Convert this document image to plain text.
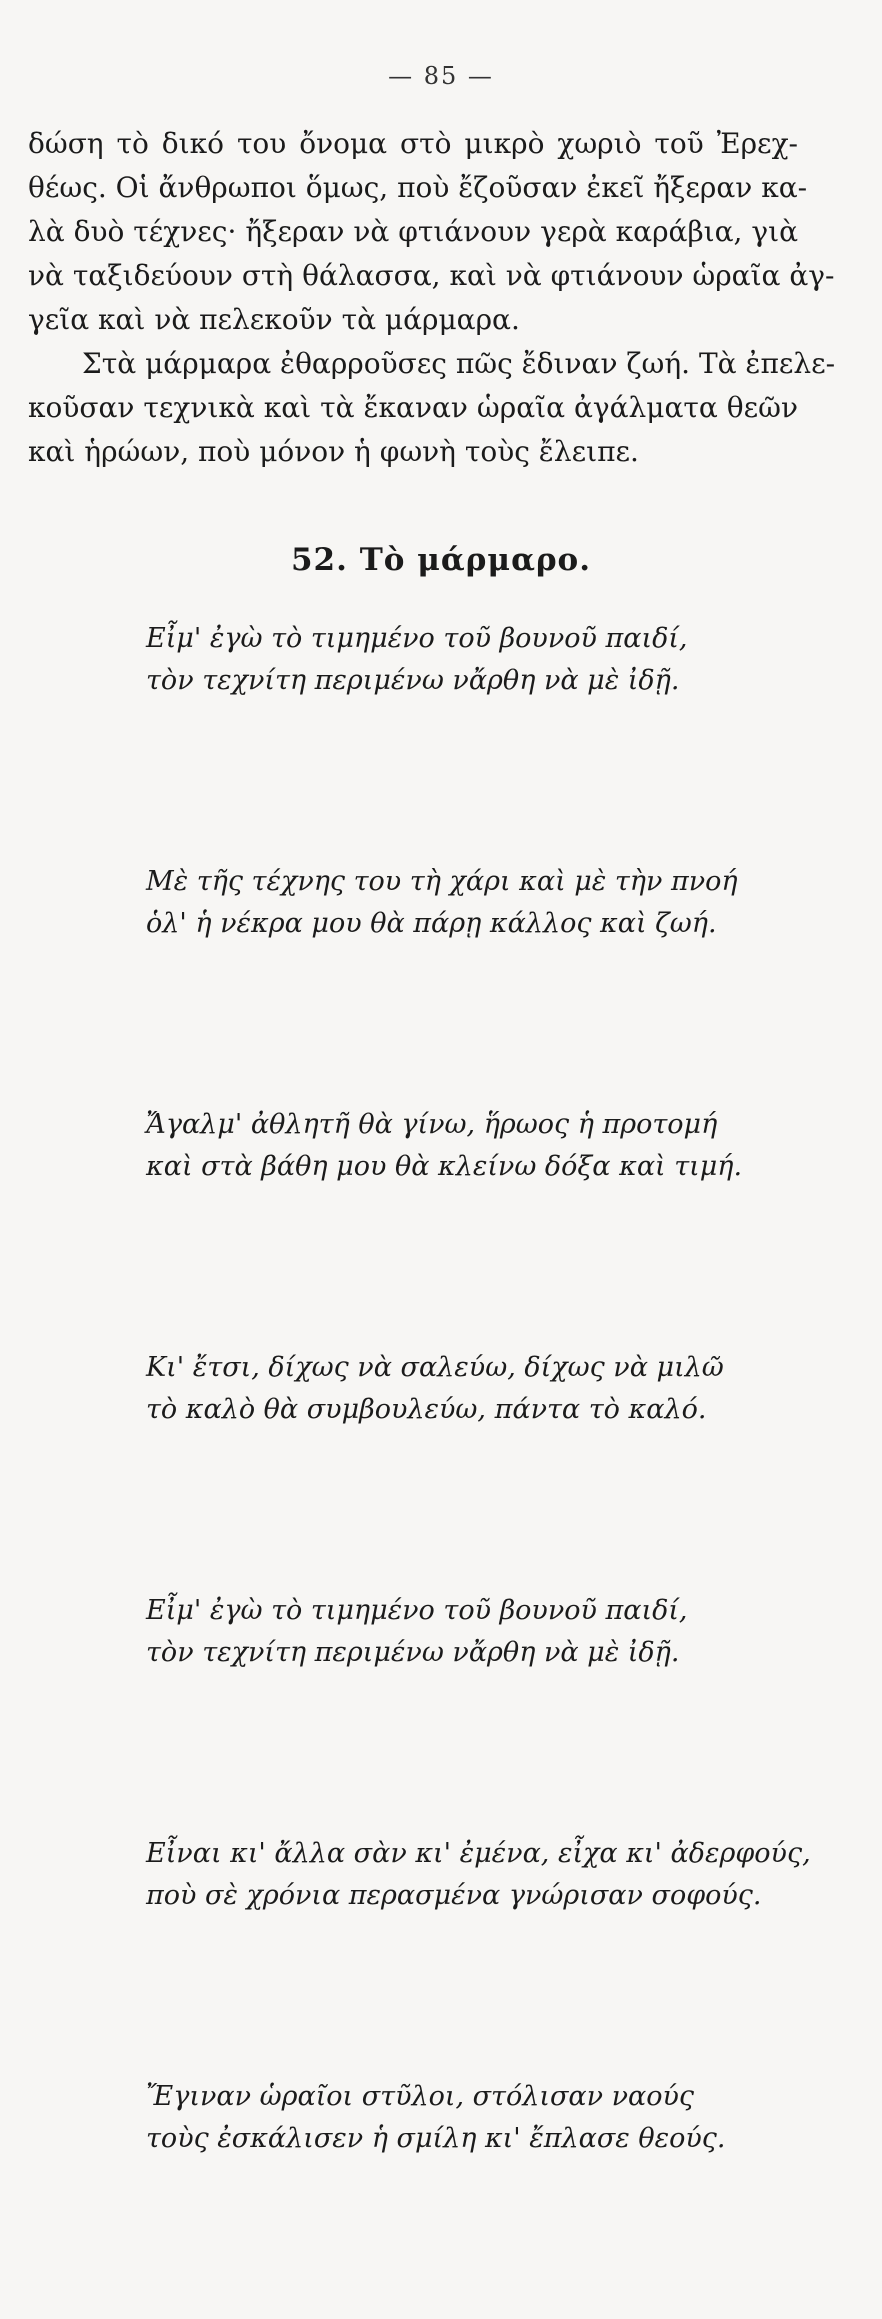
— 85 —
δώση τὸ δικό του ὄνομα στὸ μικρὸ χωριὸ τοῦ Ἐρεχ-
θέως. Οἱ ἄνθρωποι ὅμως, ποὺ ἔζοῦσαν ἐκεῖ ἤξεραν κα-
λὰ δυὸ τέχνες· ἤξεραν νὰ φτιάνουν γερὰ καράβια, γιὰ
νὰ ταξιδεύουν στὴ θάλασσα, καὶ νὰ φτιάνουν ὡραῖα ἀγ-
γεῖα καὶ νὰ πελεκοῦν τὰ μάρμαρα.
Στὰ μάρμαρα ἐθαρροῦσες πῶς ἔδιναν ζωή. Τὰ ἐπελε-
κοῦσαν τεχνικὰ καὶ τὰ ἔκαναν ὡραῖα ἀγάλματα θεῶν
καὶ ἡρώων, ποὺ μόνον ἡ φωνὴ τοὺς ἔλειπε.
52. Τὸ μάρμαρο.
Εἶμ' ἐγὼ τὸ τιμημένο τοῦ βουνοῦ παιδί,
τὸν τεχνίτη περιμένω νἄρθη νὰ μὲ ἰδῇ.
Μὲ τῆς τέχνης του τὴ χάρι καὶ μὲ τὴν πνοή
ὁλ' ἡ νέκρα μου θὰ πάρῃ κάλλος καὶ ζωή.
Ἄγαλμ' ἀθλητῆ θὰ γίνω, ἥρωος ἡ προτομή
καὶ στὰ βάθη μου θὰ κλείνω δόξα καὶ τιμή.
Κι' ἔτσι, δίχως νὰ σαλεύω, δίχως νὰ μιλῶ
τὸ καλὸ θὰ συμβουλεύω, πάντα τὸ καλό.
Εἶμ' ἐγὼ τὸ τιμημένο τοῦ βουνοῦ παιδί,
τὸν τεχνίτη περιμένω νἄρθη νὰ μὲ ἰδῇ.
Εἶναι κι' ἄλλα σὰν κι' ἐμένα, εἶχα κι' ἀδερφούς,
ποὺ σὲ χρόνια περασμένα γνώρισαν σοφούς.
Ἔγιναν ὡραῖοι στῦλοι, στόλισαν ναούς
τοὺς ἐσκάλισεν ἡ σμίλη κι' ἔπλασε θεούς.
